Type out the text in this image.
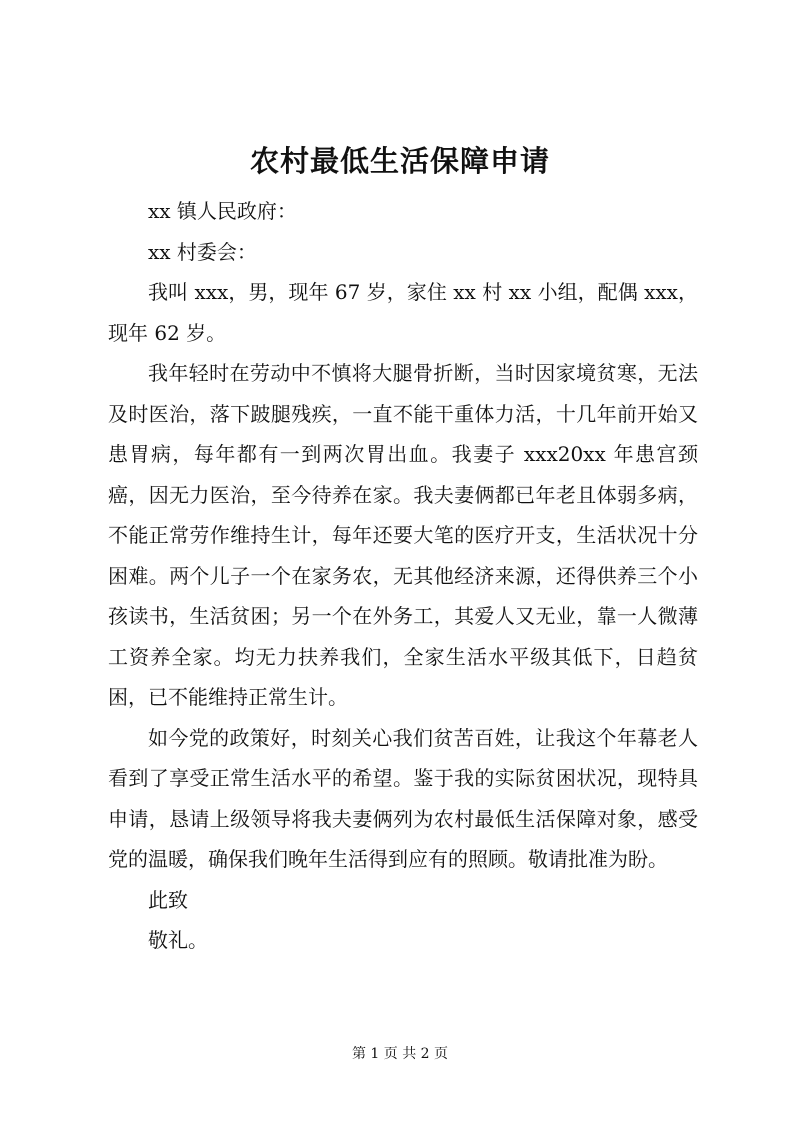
农村最低生活保障申请

xx 镇人民政府：

xx 村委会：

我叫 xxx，男，现年 67 岁，家住 xx 村 xx 小组，配偶 xxx，现年 62 岁。

我年轻时在劳动中不慎将大腿骨折断，当时因家境贫寒，无法及时医治，落下跛腿残疾，一直不能干重体力活，十几年前开始又患胃病，每年都有一到两次胃出血。我妻子 xxx20xx 年患宫颈癌，因无力医治，至今待养在家。我夫妻俩都已年老且体弱多病，不能正常劳作维持生计，每年还要大笔的医疗开支，生活状况十分困难。两个儿子一个在家务农，无其他经济来源，还得供养三个小孩读书，生活贫困；另一个在外务工，其爱人又无业，靠一人微薄工资养全家。均无力扶养我们，全家生活水平级其低下，日趋贫困，已不能维持正常生计。

如今党的政策好，时刻关心我们贫苦百姓，让我这个年幕老人看到了享受正常生活水平的希望。鉴于我的实际贫困状况，现特具申请，恳请上级领导将我夫妻俩列为农村最低生活保障对象，感受党的温暖，确保我们晚年生活得到应有的照顾。敬请批准为盼。

此致

敬礼。

第 1 页 共 2 页
